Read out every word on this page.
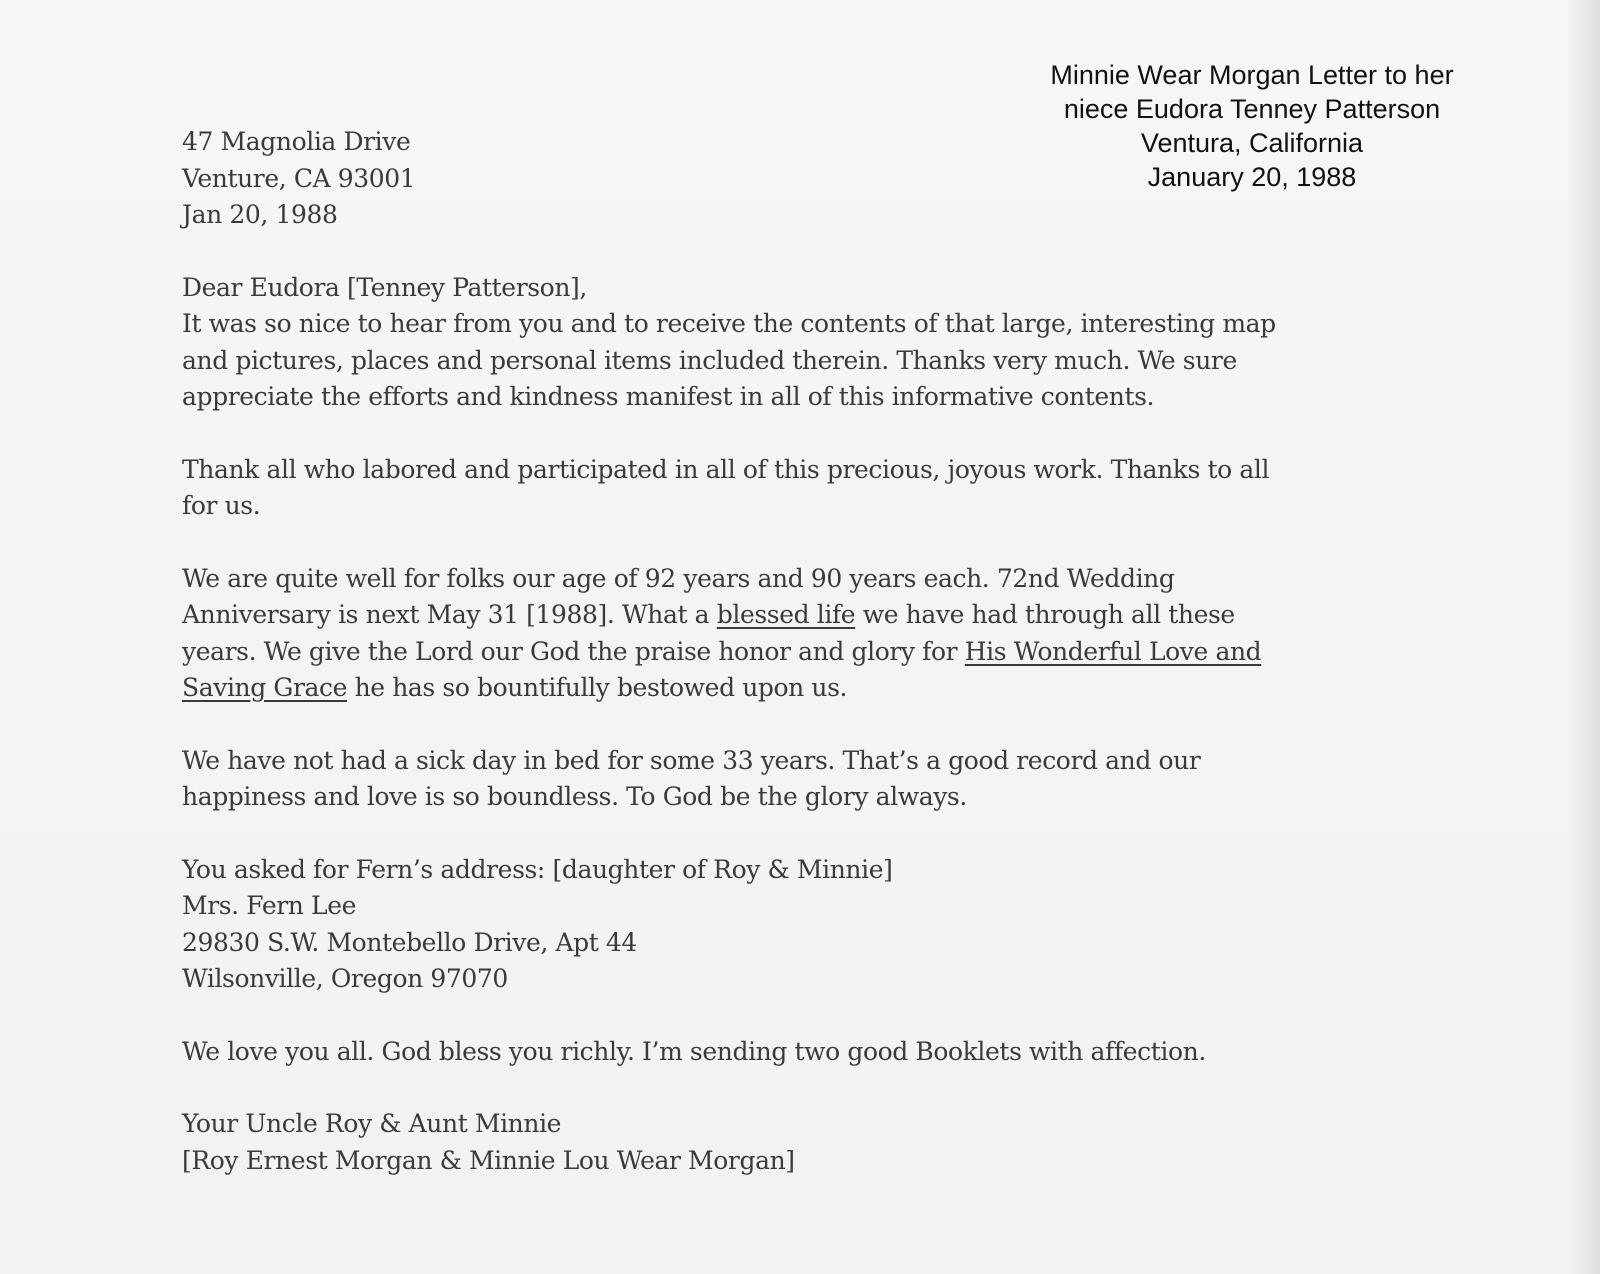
Minnie Wear Morgan Letter to her
niece Eudora Tenney Patterson
Ventura, California
January 20, 1988
47 Magnolia Drive
Venture, CA 93001
Jan 20, 1988
Dear Eudora [Tenney Patterson],
It was so nice to hear from you and to receive the contents of that large, interesting map
and pictures, places and personal items included therein. Thanks very much. We sure
appreciate the efforts and kindness manifest in all of this informative contents.
Thank all who labored and participated in all of this precious, joyous work. Thanks to all
for us.
We are quite well for folks our age of 92 years and 90 years each. 72nd Wedding
Anniversary is next May 31 [1988]. What a blessed life we have had through all these
years. We give the Lord our God the praise honor and glory for His Wonderful Love and
Saving Grace he has so bountifully bestowed upon us.
We have not had a sick day in bed for some 33 years. That’s a good record and our
happiness and love is so boundless. To God be the glory always.
You asked for Fern’s address: [daughter of Roy & Minnie]
Mrs. Fern Lee
29830 S.W. Montebello Drive, Apt 44
Wilsonville, Oregon 97070
We love you all. God bless you richly. I’m sending two good Booklets with affection.
Your Uncle Roy & Aunt Minnie
[Roy Ernest Morgan & Minnie Lou Wear Morgan]
